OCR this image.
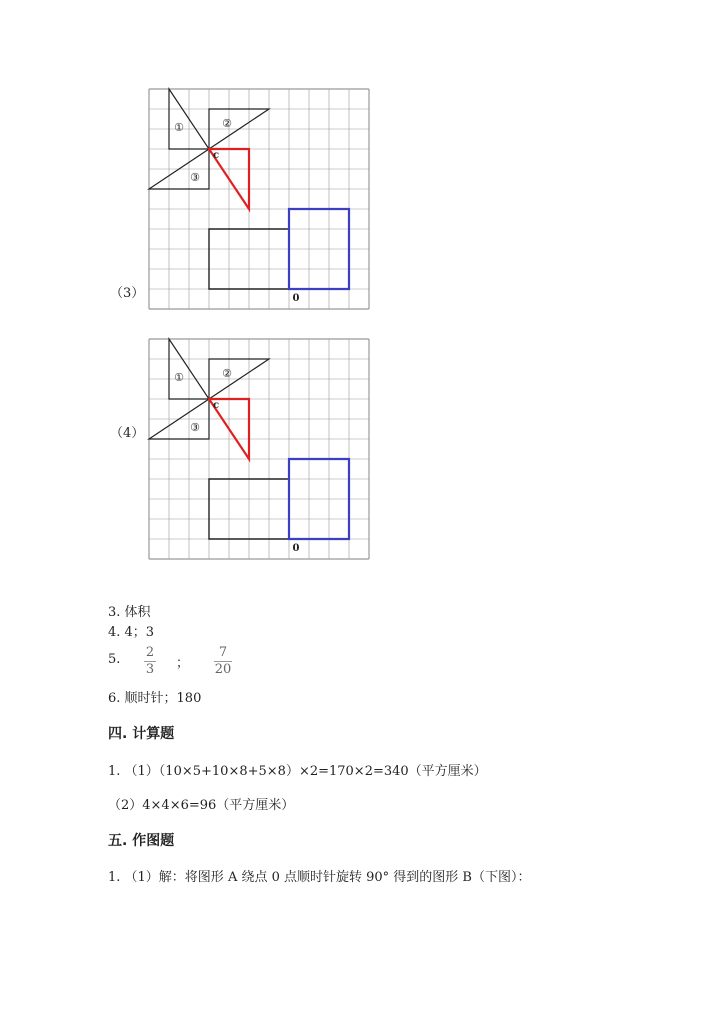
（3）
①	②
③
c
0
（4）
①	②
③
c
0
3. 体积
4. 4；3
5. 2
3 ；
7
20
6. 顺时针；180
四. 计算题
1. （1）（10×5+10×8+5×8）×2=170×2=340（平方厘米）
（2）4×4×6=96（平方厘米）
五. 作图题
1. （1）解：将图形 A 绕点 0 点顺时针旋转 90° 得到的图形 B（下图）：
